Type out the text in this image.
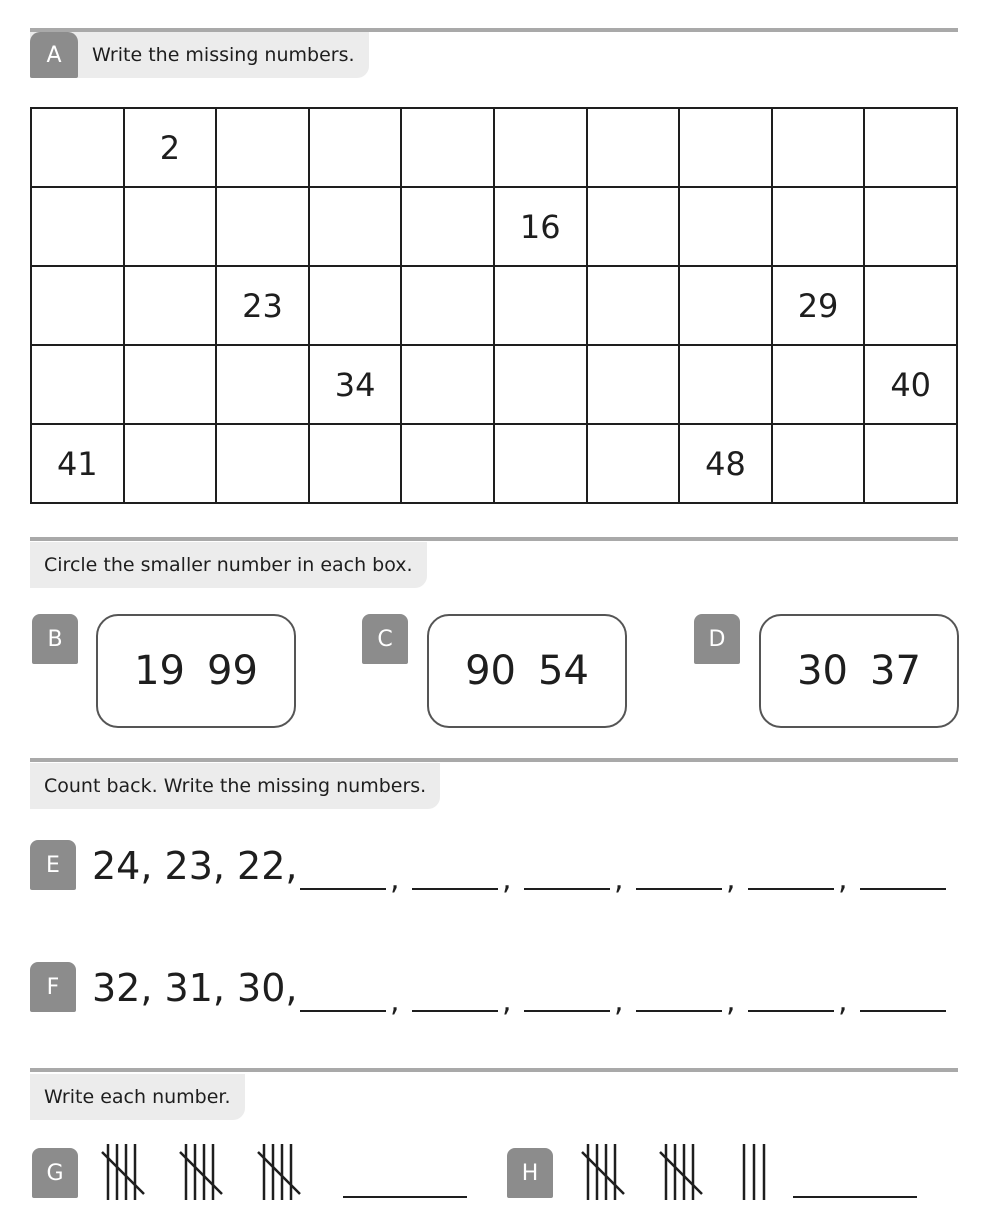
A	Write the missing numbers.
	2								
					16				
		23						29	
			34						40
41							48		
Circle the smaller number in each box.
B
19 99
C
90 54
D
30 37
Count back. Write the missing numbers.
E 24, 23, 22,	,	,	,	,	,
F 32, 31, 30,	,	,	,	,	,
Write each number.
G	H
